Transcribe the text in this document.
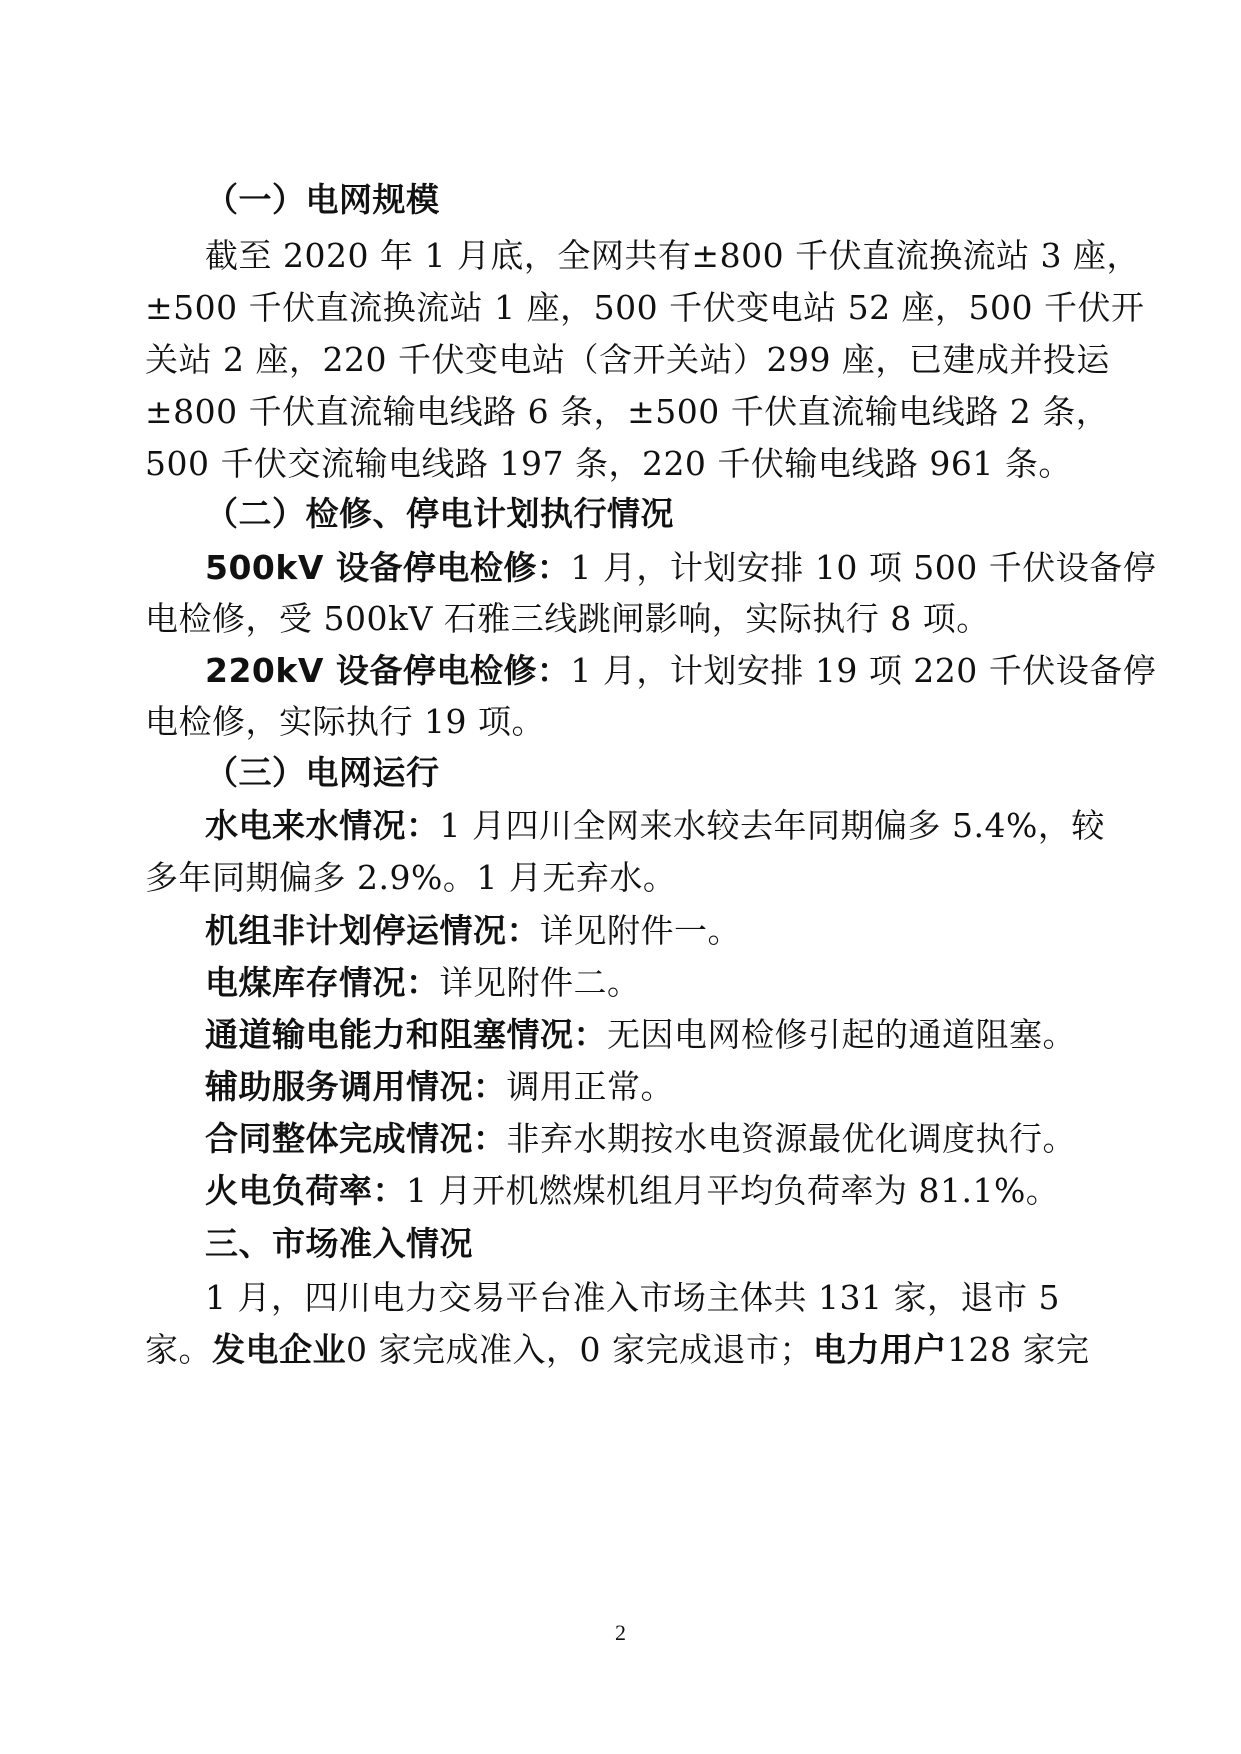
（一）电网规模
截至 2020 年 1 月底，全网共有±800 千伏直流换流站 3 座，
±500 千伏直流换流站 1 座，500 千伏变电站 52 座，500 千伏开
关站 2 座，220 千伏变电站（含开关站）299 座，已建成并投运
±800 千伏直流输电线路 6 条，±500 千伏直流输电线路 2 条，
500 千伏交流输电线路 197 条，220 千伏输电线路 961 条。
（二）检修、停电计划执行情况
500kV 设备停电检修：1 月，计划安排 10 项 500 千伏设备停
电检修，受 500kV 石雅三线跳闸影响，实际执行 8 项。
220kV 设备停电检修：1 月，计划安排 19 项 220 千伏设备停
电检修，实际执行 19 项。
（三）电网运行
水电来水情况：1 月四川全网来水较去年同期偏多 5.4%，较
多年同期偏多 2.9%。1 月无弃水。
机组非计划停运情况：详见附件一。
电煤库存情况：详见附件二。
通道输电能力和阻塞情况：无因电网检修引起的通道阻塞。
辅助服务调用情况：调用正常。
合同整体完成情况：非弃水期按水电资源最优化调度执行。
火电负荷率：1 月开机燃煤机组月平均负荷率为 81.1%。
三、市场准入情况
1 月，四川电力交易平台准入市场主体共 131 家，退市 5
家。发电企业0 家完成准入，0 家完成退市；电力用户128 家完
2
